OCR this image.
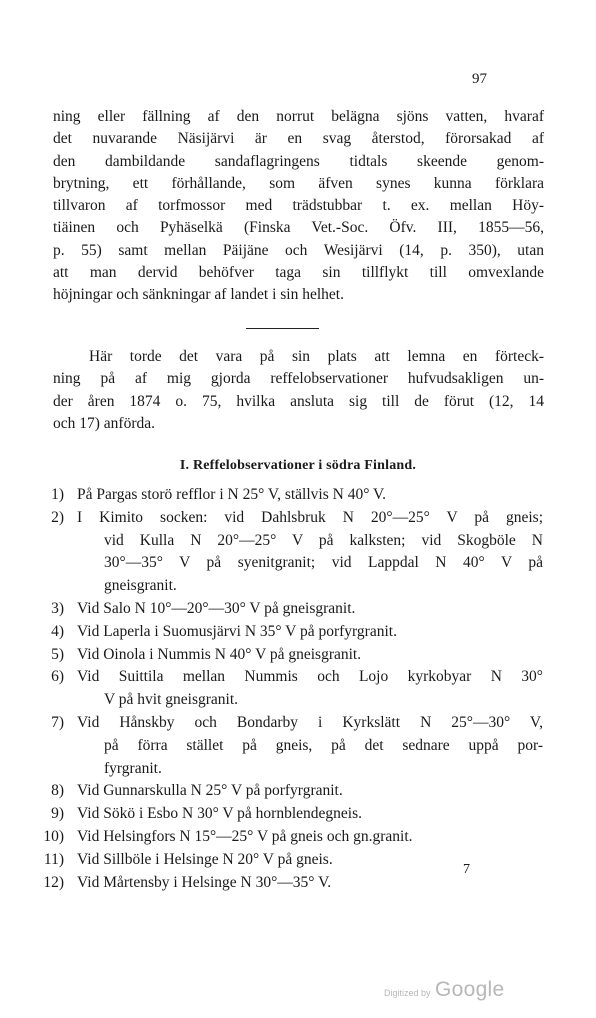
97

ning eller fällning af den norrut belägna sjöns vatten, hvaraf
det nuvarande Näsijärvi är en svag återstod, förorsakad af
den dambildande sandaflagringens tidtals skeende genom-
brytning, ett förhållande, som äfven synes kunna förklara
tillvaron af torfmossor med trädstubbar t. ex. mellan Höy-
tiäinen och Pyhäselkä (Finska Vet.-Soc. Öfv. III, 1855—56,
p. 55) samt mellan Päijäne och Wesijärvi (14, p. 350), utan
att man dervid behöfver taga sin tillflykt till omvexlande
höjningar och sänkningar af landet i sin helhet.

Här torde det vara på sin plats att lemna en förteck-
ning på af mig gjorda reffelobservationer hufvudsakligen un-
der åren 1874 o. 75, hvilka ansluta sig till de förut (12, 14
och 17) anförda.

I. Reffelobservationer i södra Finland.
1) På Pargas storö refflor i N 25° V, ställvis N 40° V.
2) I Kimito socken: vid Dahlsbruk N 20°—25° V på gneis;
vid Kulla N 20°—25° V på kalksten; vid Skogböle N
30°—35° V på syenitgranit; vid Lappdal N 40° V på
gneisgranit.
3) Vid Salo N 10°—20°—30° V på gneisgranit.
4) Vid Laperla i Suomusjärvi N 35° V på porfyrgranit.
5) Vid Oinola i Nummis N 40° V på gneisgranit.
6) Vid Suittila mellan Nummis och Lojo kyrkobyar N 30°
V på hvit gneisgranit.
7) Vid Hånskby och Bondarby i Kyrkslätt N 25°—30° V,
på förra stället på gneis, på det sednare uppå por-
fyrgranit.
8) Vid Gunnarskulla N 25° V på porfyrgranit.
9) Vid Sökö i Esbo N 30° V på hornblendegneis.
10) Vid Helsingfors N 15°—25° V på gneis och gn.granit.
11) Vid Sillböle i Helsinge N 20° V på gneis.
12) Vid Mårtensby i Helsinge N 30°—35° V.
7
Digitized by Google
